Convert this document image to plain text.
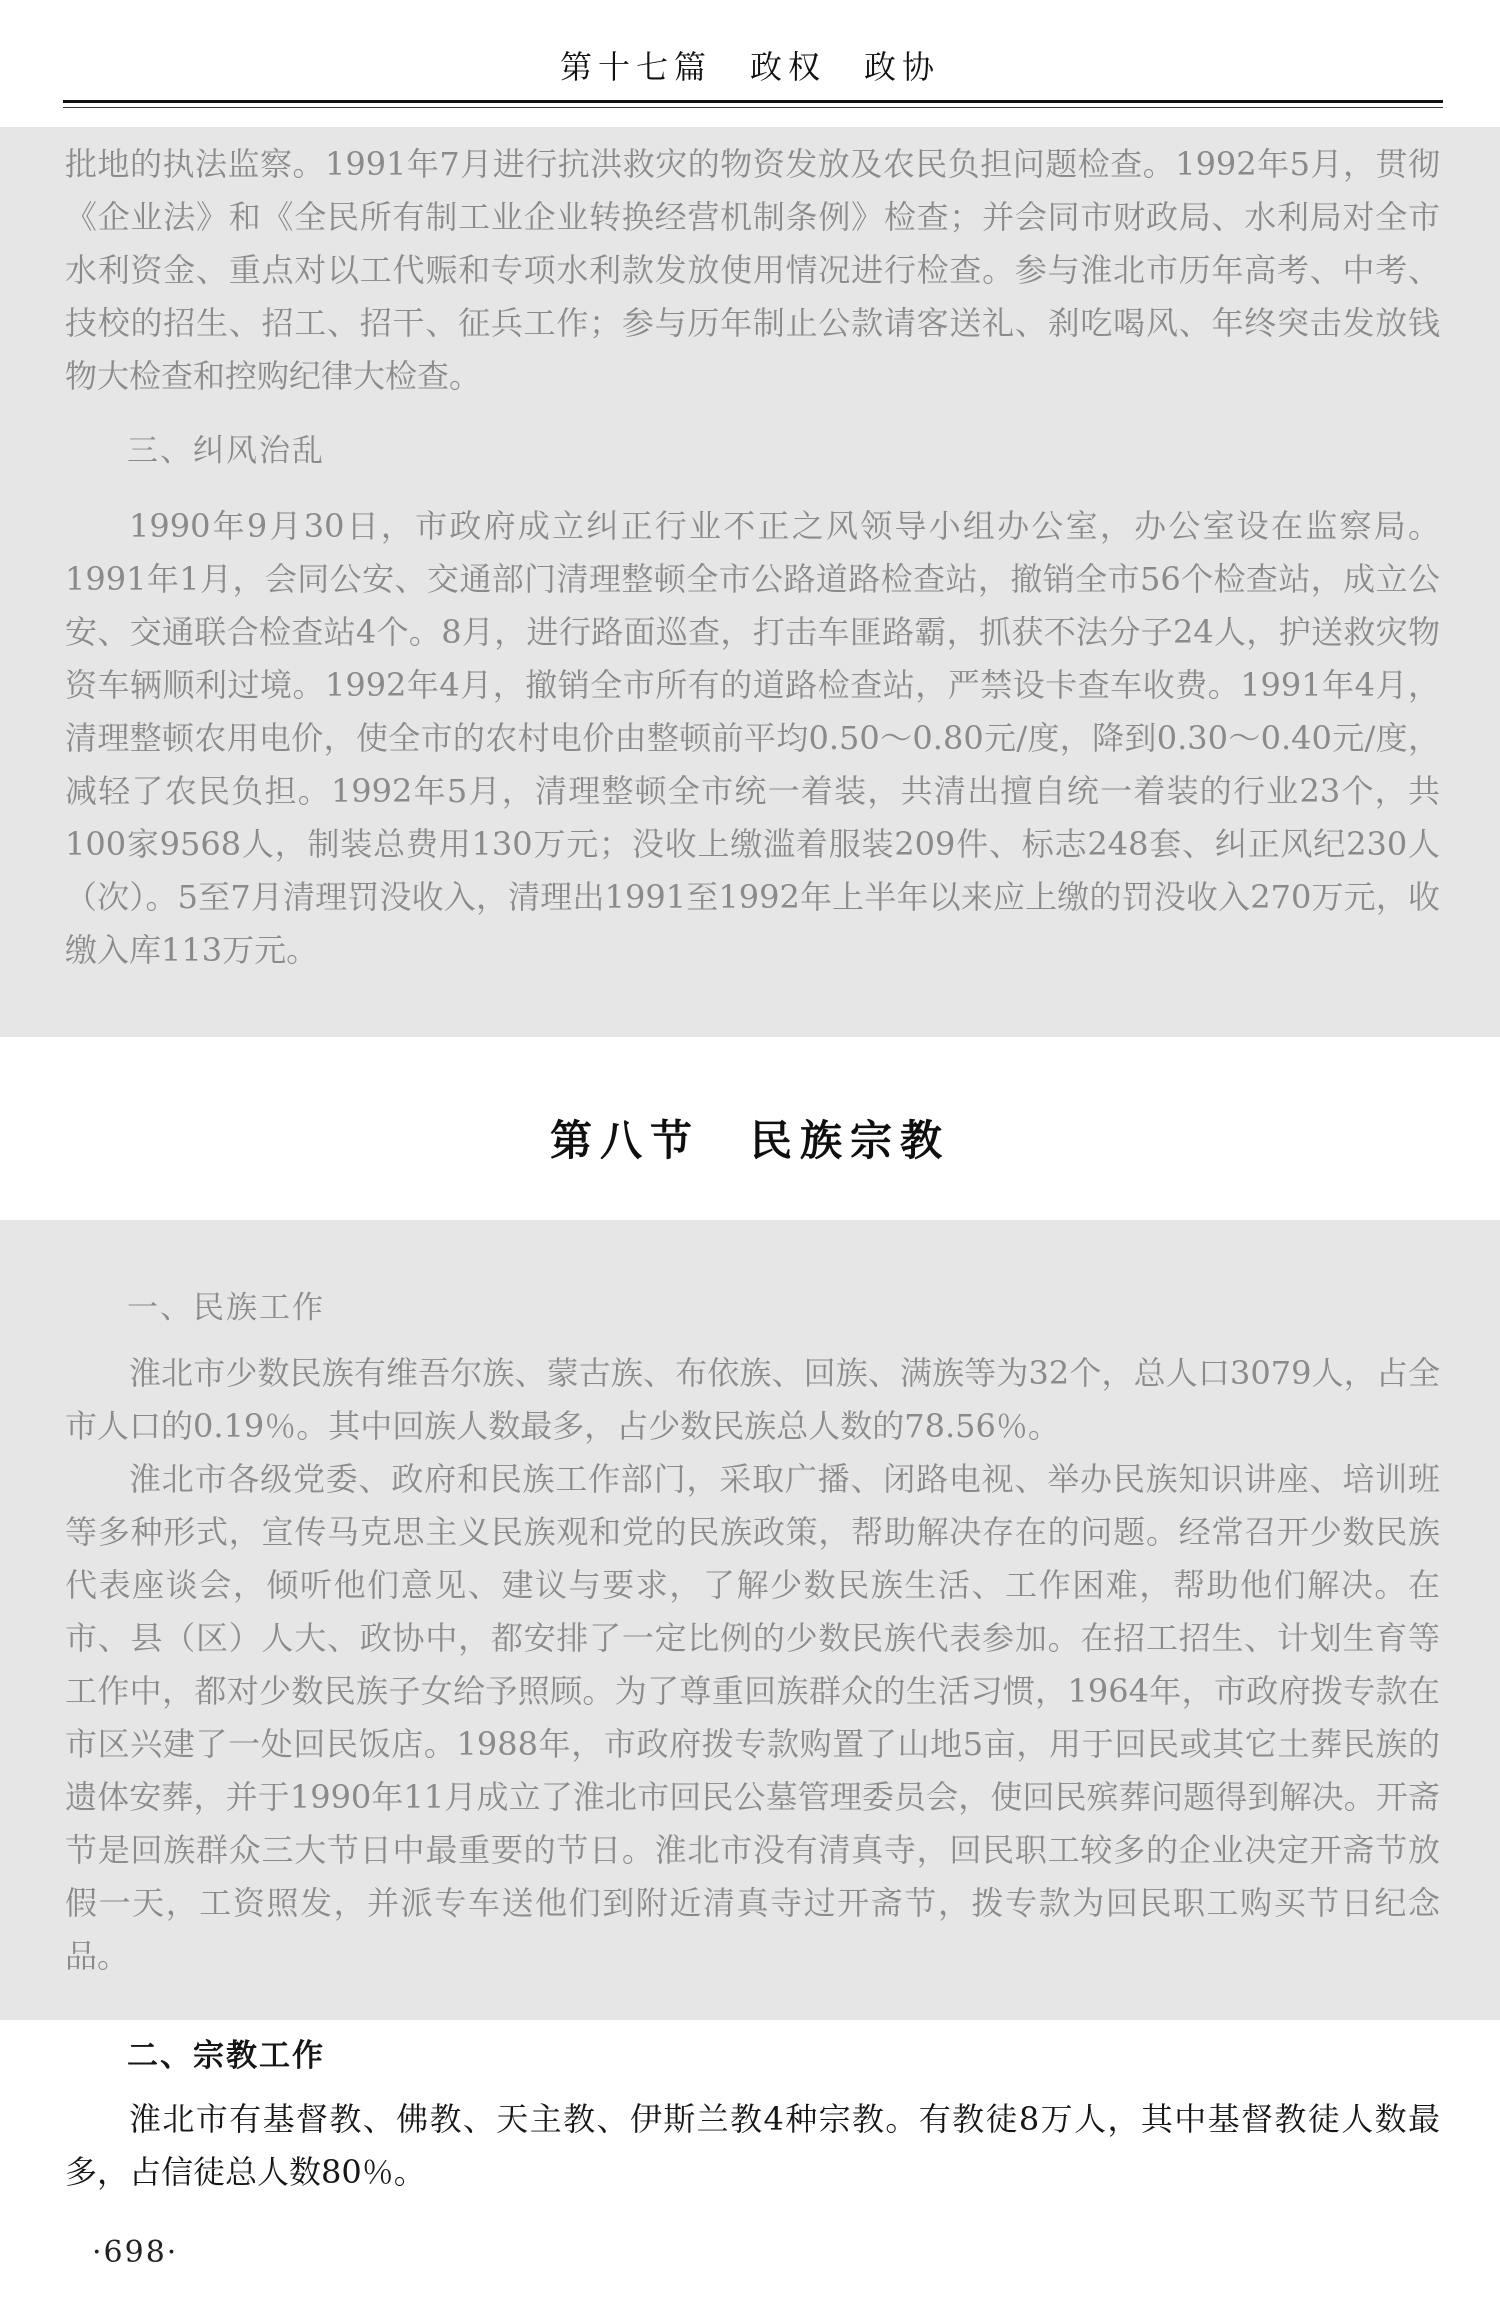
第十七篇　政权　政协

批地的执法监察。1991年7月进行抗洪救灾的物资发放及农民负担问题检查。1992年5月，贯彻《企业法》和《全民所有制工业企业转换经营机制条例》检查；并会同市财政局、水利局对全市水利资金、重点对以工代赈和专项水利款发放使用情况进行检查。参与淮北市历年高考、中考、技校的招生、招工、招干、征兵工作；参与历年制止公款请客送礼、刹吃喝风、年终突击发放钱物大检查和控购纪律大检查。

三、纠风治乱

1990年9月30日，市政府成立纠正行业不正之风领导小组办公室，办公室设在监察局。1991年1月，会同公安、交通部门清理整顿全市公路道路检查站，撤销全市56个检查站，成立公安、交通联合检查站4个。8月，进行路面巡查，打击车匪路霸，抓获不法分子24人，护送救灾物资车辆顺利过境。1992年4月，撤销全市所有的道路检查站，严禁设卡查车收费。1991年4月，清理整顿农用电价，使全市的农村电价由整顿前平均0.50～0.80元/度，降到0.30～0.40元/度，减轻了农民负担。1992年5月，清理整顿全市统一着装，共清出擅自统一着装的行业23个，共100家9568人，制装总费用130万元；没收上缴滥着服装209件、标志248套、纠正风纪230人（次）。5至7月清理罚没收入，清理出1991至1992年上半年以来应上缴的罚没收入270万元，收缴入库113万元。

第八节　民族宗教

一、民族工作

淮北市少数民族有维吾尔族、蒙古族、布依族、回族、满族等为32个，总人口3079人，占全市人口的0.19％。其中回族人数最多，占少数民族总人数的78.56％。

淮北市各级党委、政府和民族工作部门，采取广播、闭路电视、举办民族知识讲座、培训班等多种形式，宣传马克思主义民族观和党的民族政策，帮助解决存在的问题。经常召开少数民族代表座谈会，倾听他们意见、建议与要求，了解少数民族生活、工作困难，帮助他们解决。在市、县（区）人大、政协中，都安排了一定比例的少数民族代表参加。在招工招生、计划生育等工作中，都对少数民族子女给予照顾。为了尊重回族群众的生活习惯，1964年，市政府拨专款在市区兴建了一处回民饭店。1988年，市政府拨专款购置了山地5亩，用于回民或其它土葬民族的遗体安葬，并于1990年11月成立了淮北市回民公墓管理委员会，使回民殡葬问题得到解决。开斋节是回族群众三大节日中最重要的节日。淮北市没有清真寺，回民职工较多的企业决定开斋节放假一天，工资照发，并派专车送他们到附近清真寺过开斋节，拨专款为回民职工购买节日纪念品。

二、宗教工作

淮北市有基督教、佛教、天主教、伊斯兰教4种宗教。有教徒8万人，其中基督教徒人数最多，占信徒总人数80％。

·698·
